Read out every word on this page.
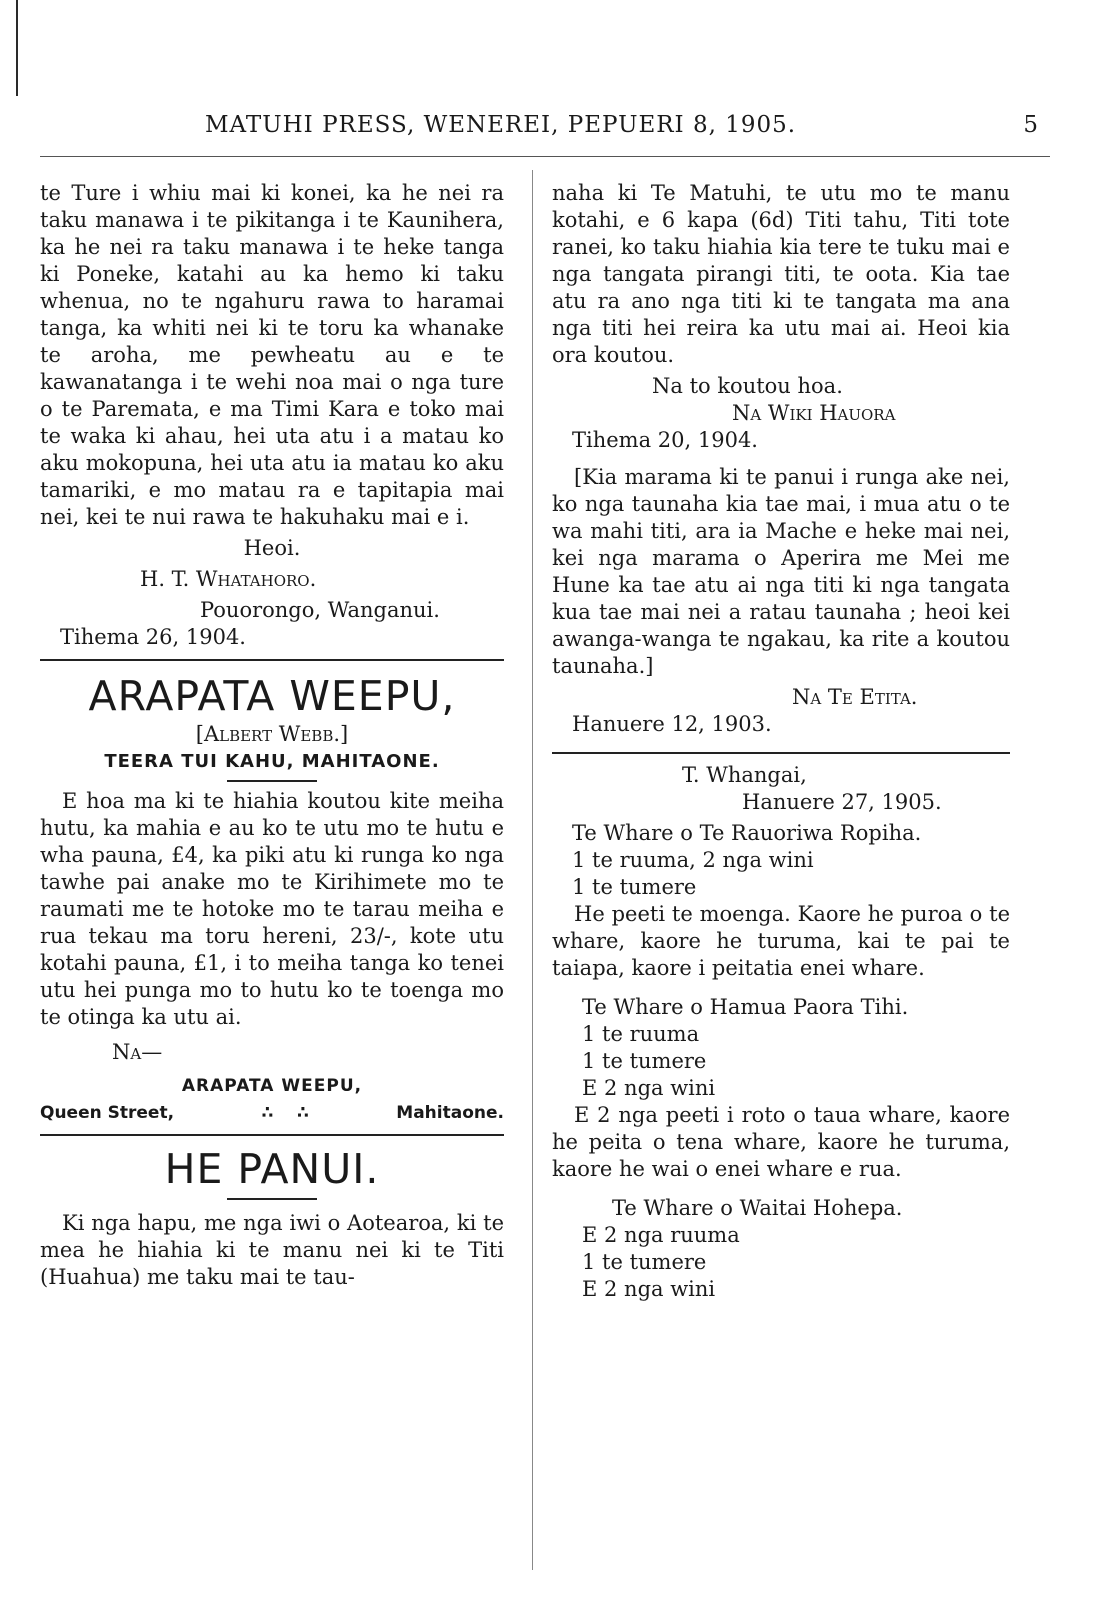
MATUHI PRESS, WENEREI, PEPUERI 8, 1905.	5

te Ture i whiu mai ki konei, ka he nei ra taku manawa i te pikitanga i te Kaunihera, ka he nei ra taku manawa i te heke tanga ki Poneke, katahi au ka hemo ki taku whenua, no te ngahuru rawa to haramai tanga, ka whiti nei ki te toru ka whanake te aroha, me pewheatu au e te kawanatanga i te wehi noa mai o nga ture o te Paremata, e ma Timi Kara e toko mai te waka ki ahau, hei uta atu i a matau ko aku mokopuna, hei uta atu ia matau ko aku tamariki, e mo matau ra e tapitapia mai nei, kei te nui rawa te hakuhaku mai e i.

Heoi.
H. T. Whatahoro.
Pouorongo, Wanganui.
Tihema 26, 1904.
ARAPATA WEEPU,
[Albert Webb.]
TEERA TUI KAHU, MAHITAONE.

E hoa ma ki te hiahia koutou kite meiha hutu, ka mahia e au ko te utu mo te hutu e wha pauna, £4, ka piki atu ki runga ko nga tawhe pai anake mo te Kirihimete mo te raumati me te hotoke mo te tarau meiha e rua tekau ma toru hereni, 23/-, kote utu kotahi pauna, £1, i to meiha tanga ko tenei utu hei punga mo to hutu ko te toenga mo te otinga ka utu ai.

Na—
ARAPATA WEEPU,
Queen Street,	∴ ∴	Mahitaone.
HE PANUI.

Ki nga hapu, me nga iwi o Aotearoa, ki te mea he hiahia ki te manu nei ki te Titi (Huahua) me taku mai te tau-

naha ki Te Matuhi, te utu mo te manu kotahi, e 6 kapa (6d) Titi tahu, Titi tote ranei, ko taku hiahia kia tere te tuku mai e nga tangata pirangi titi, te oota. Kia tae atu ra ano nga titi ki te tangata ma ana nga titi hei reira ka utu mai ai. Heoi kia ora koutou.

Na to koutou hoa.
Na Wiki Hauora
Tihema 20, 1904.

[Kia marama ki te panui i runga ake nei, ko nga taunaha kia tae mai, i mua atu o te wa mahi titi, ara ia Mache e heke mai nei, kei nga marama o Aperira me Mei me Hune ka tae atu ai nga titi ki nga tangata kua tae mai nei a ratau taunaha ; heoi kei awanga-wanga te ngakau, ka rite a koutou taunaha.]

Na Te Etita.
Hanuere 12, 1903.
T. Whangai,
Hanuere 27, 1905.
Te Whare o Te Rauoriwa Ropiha.
1 te ruuma, 2 nga wini
1 te tumere

He peeti te moenga. Kaore he puroa o te whare, kaore he turuma, kai te pai te taiapa, kaore i peitatia enei whare.

Te Whare o Hamua Paora Tihi.
1 te ruuma
1 te tumere
E 2 nga wini

E 2 nga peeti i roto o taua whare, kaore he peita o tena whare, kaore he turuma, kaore he wai o enei whare e rua.

Te Whare o Waitai Hohepa.
E 2 nga ruuma
1 te tumere
E 2 nga wini
